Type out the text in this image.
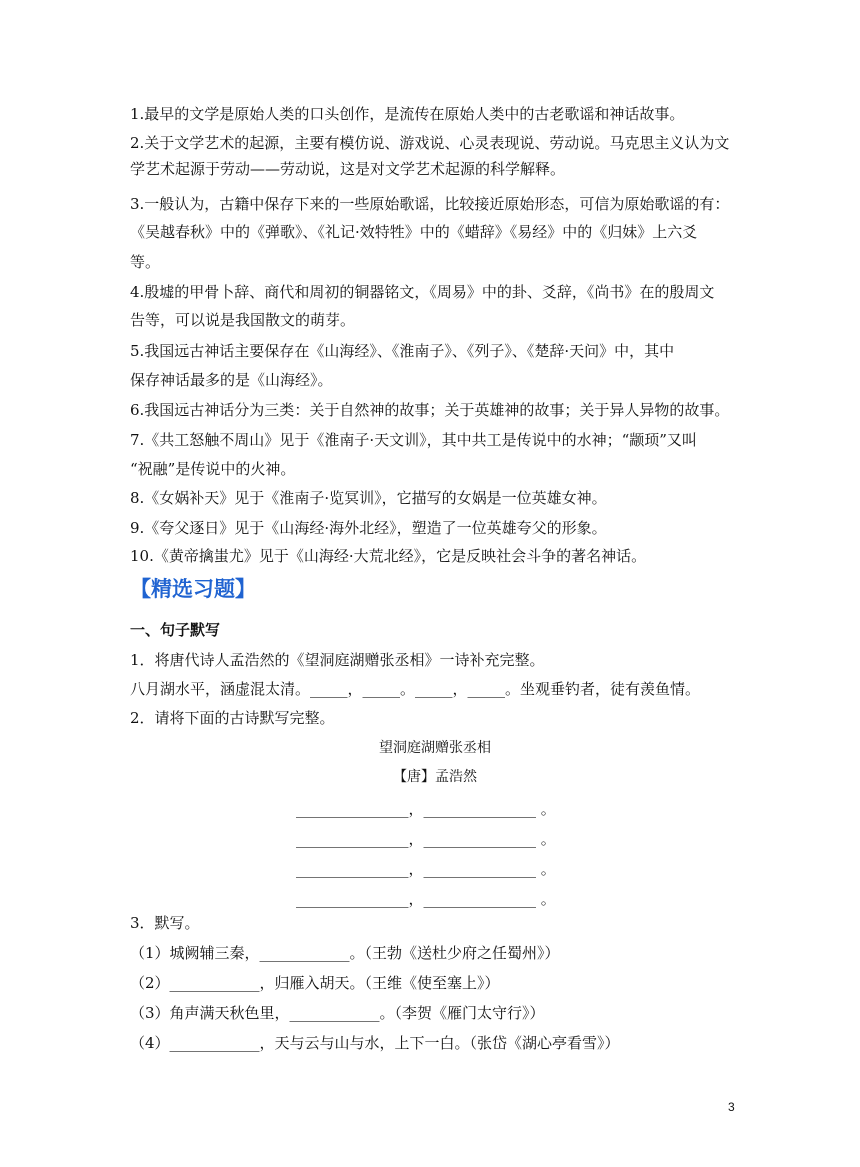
1.最早的文学是原始人类的口头创作，是流传在原始人类中的古老歌谣和神话故事。
2.关于文学艺术的起源，主要有模仿说、游戏说、心灵表现说、劳动说。马克思主义认为文
学艺术起源于劳动——劳动说，这是对文学艺术起源的科学解释。
3.一般认为，古籍中保存下来的一些原始歌谣，比较接近原始形态，可信为原始歌谣的有：
《吴越春秋》中的《弹歌》、《礼记·效特牲》中的《蜡辞》《易经》中的《归妹》上六爻
等。
4.殷墟的甲骨卜辞、商代和周初的铜器铭文，《周易》中的卦、爻辞，《尚书》在的殷周文
告等，可以说是我国散文的萌芽。
5.我国远古神话主要保存在《山海经》、《淮南子》、《列子》、《楚辞·天问》中，其中
保存神话最多的是《山海经》。
6.我国远古神话分为三类：关于自然神的故事；关于英雄神的故事；关于异人异物的故事。
7.《共工怒触不周山》见于《淮南子·天文训》，其中共工是传说中的水神；“颛顼”又叫
“祝融”是传说中的火神。
8.《女娲补天》见于《淮南子·览冥训》，它描写的女娲是一位英雄女神。
9.《夸父逐日》见于《山海经·海外北经》，塑造了一位英雄夸父的形象。
10.《黄帝擒蚩尤》见于《山海经·大荒北经》，它是反映社会斗争的著名神话。
【精选习题】
一、句子默写
1．将唐代诗人孟浩然的《望洞庭湖赠张丞相》一诗补充完整。
八月湖水平，涵虚混太清。_____，_____。_____，_____。坐观垂钓者，徒有羡鱼情。
2．请将下面的古诗默写完整。
望洞庭湖赠张丞相
【唐】孟浩然
_______________，_______________ 。
_______________，_______________ 。
_______________，_______________ 。
_______________，_______________ 。
3．默写。
（1）城阙辅三秦，____________。（王勃《送杜少府之任蜀州》）
（2）____________，归雁入胡天。（王维《使至塞上》）
（3）角声满天秋色里，____________。（李贺《雁门太守行》）
（4）____________，天与云与山与水，上下一白。（张岱《湖心亭看雪》）
3
